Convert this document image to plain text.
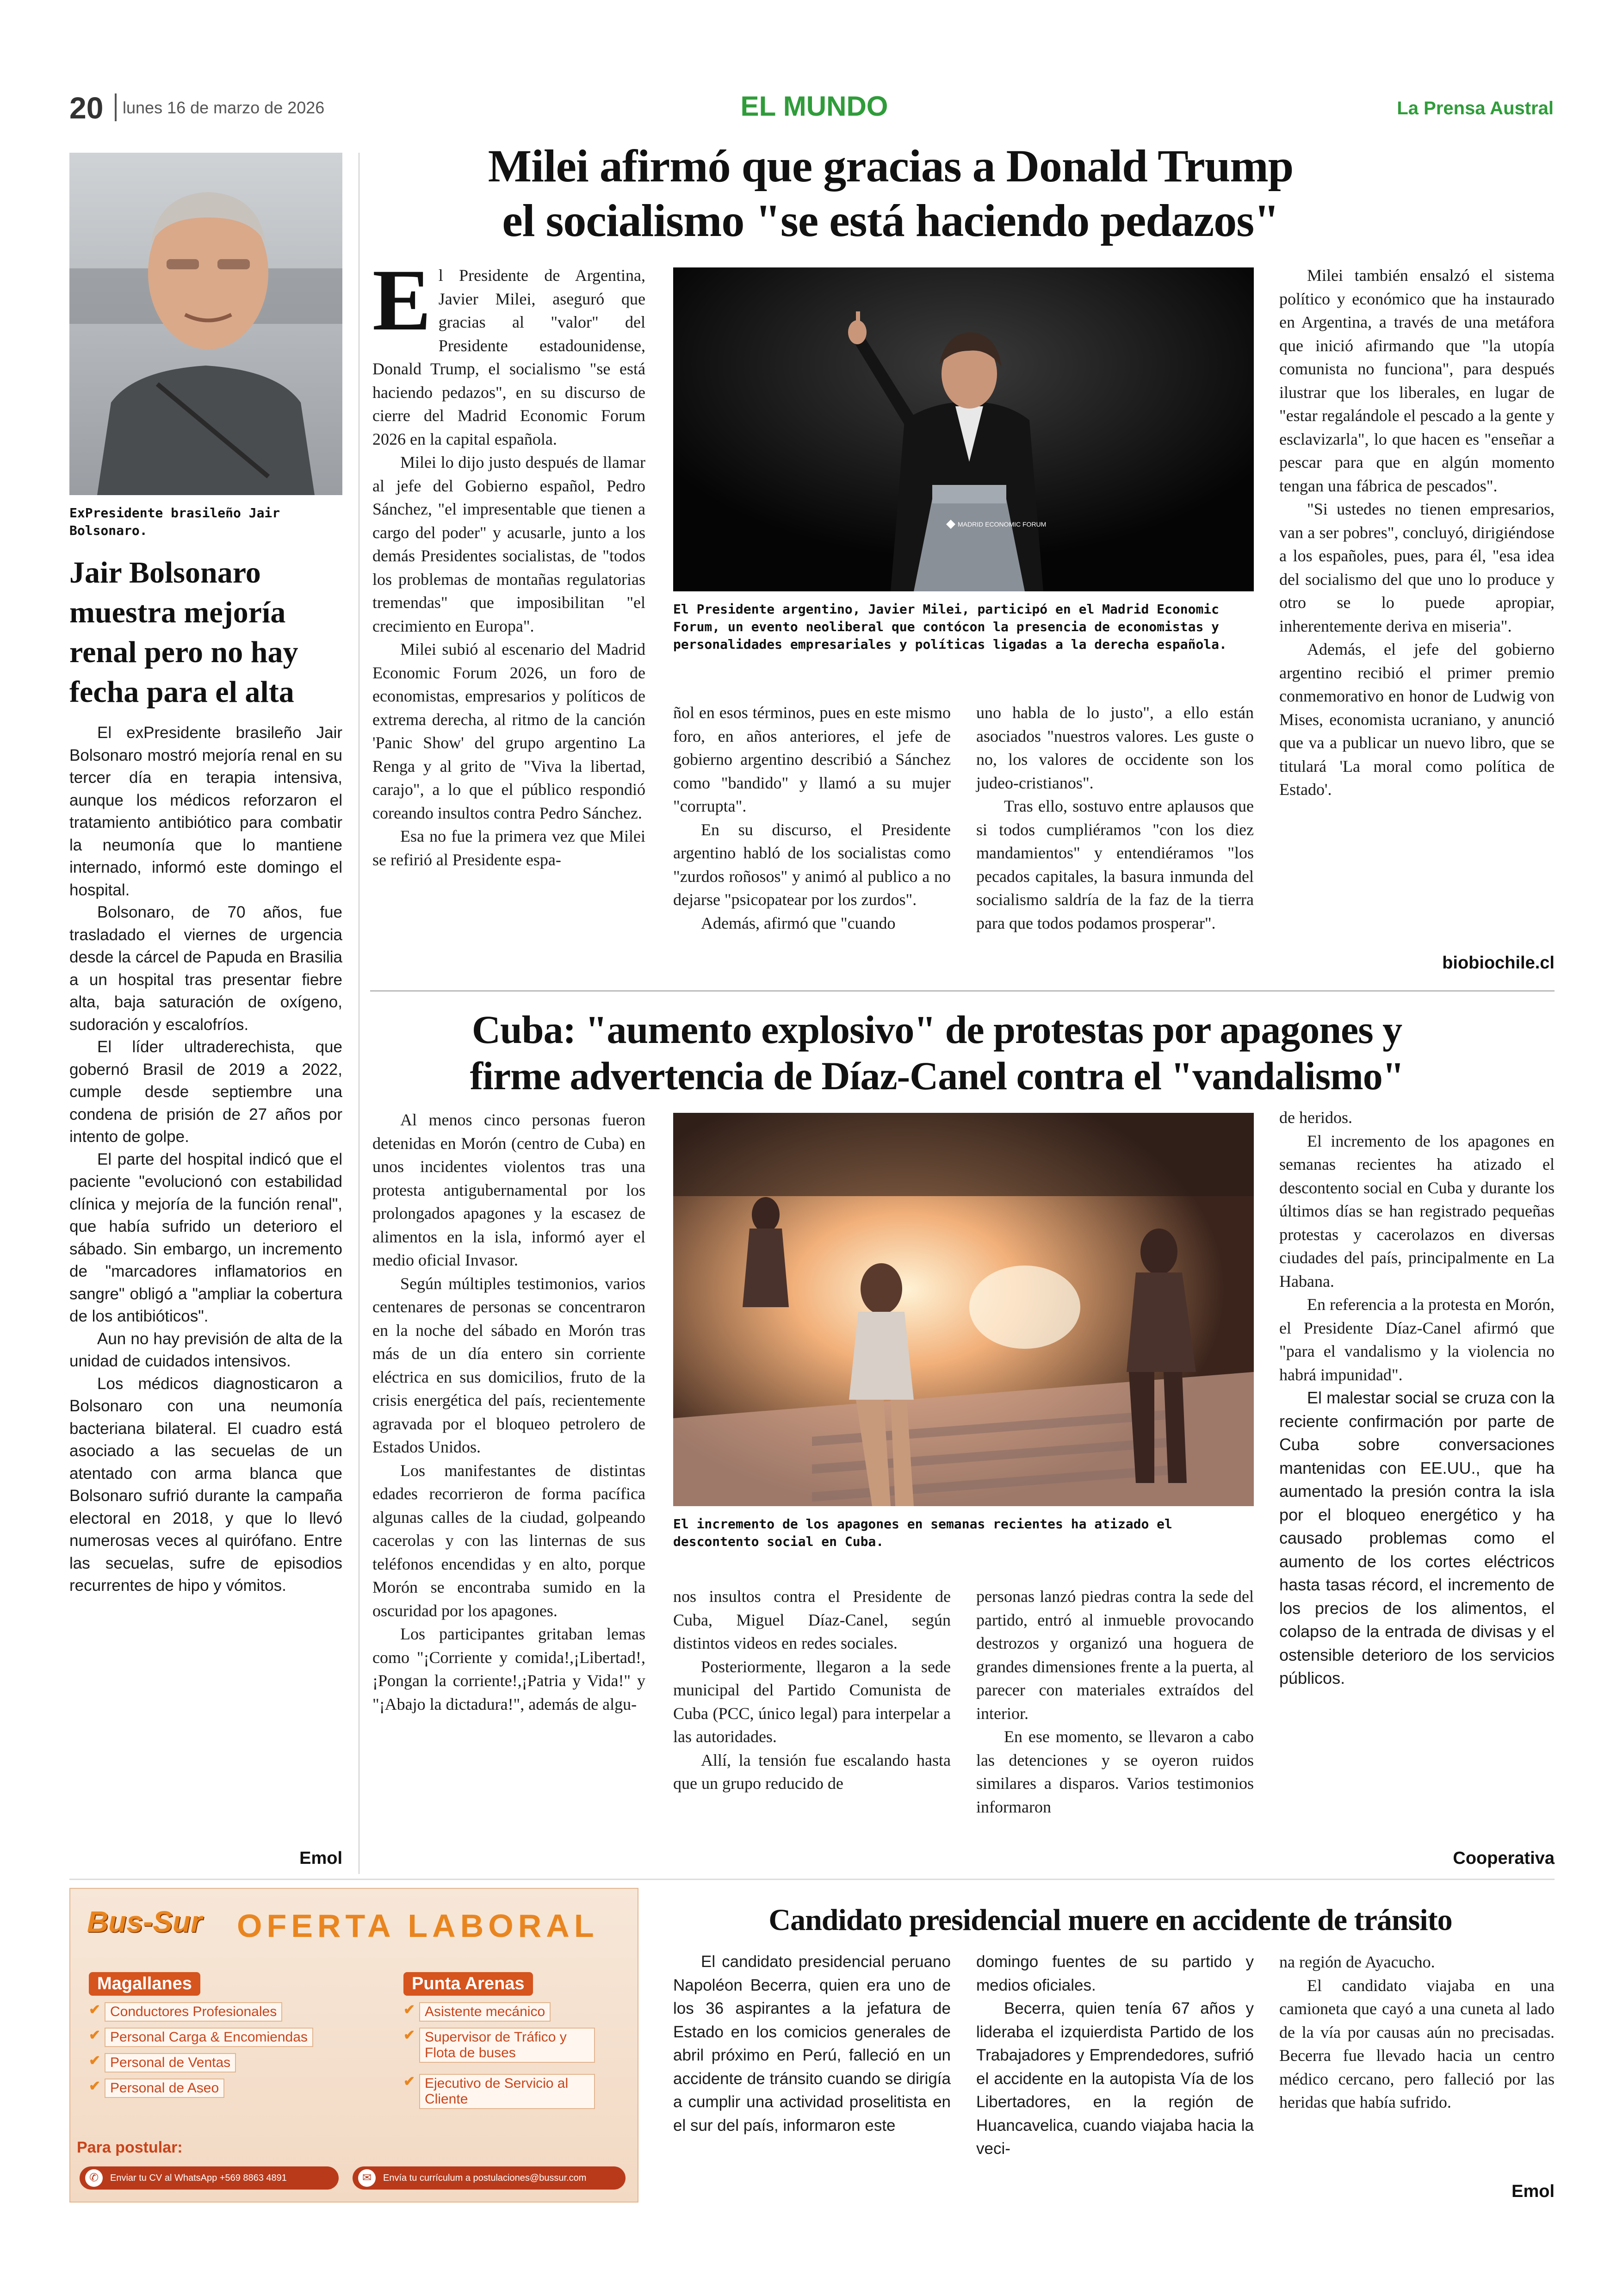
20 lunes 16 de marzo de 2026	EL MUNDO	La Prensa Austral
ExPresidente brasileño Jair Bolsonaro.
Jair Bolsonaro muestra mejoría renal pero no hay fecha para el alta

El exPresidente brasileño Jair Bolsonaro mostró mejoría renal en su tercer día en terapia intensiva, aunque los médicos reforzaron el tratamiento antibiótico para combatir la neumonía que lo mantiene internado, informó este domingo el hospital.

Bolsonaro, de 70 años, fue trasladado el viernes de urgencia desde la cárcel de Papuda en Brasilia a un hospital tras presentar fiebre alta, baja saturación de oxígeno, sudoración y escalofríos.

El líder ultraderechista, que gobernó Brasil de 2019 a 2022, cumple desde septiembre una condena de prisión de 27 años por intento de golpe.

El parte del hospital indicó que el paciente "evolucionó con estabilidad clínica y mejoría de la función renal", que había sufrido un deterioro el sábado. Sin embargo, un incremento de "marcadores inflamatorios en sangre" obligó a "ampliar la cobertura de los antibióticos".

Aun no hay previsión de alta de la unidad de cuidados intensivos.

Los médicos diagnosticaron a Bolsonaro con una neumonía bacteriana bilateral. El cuadro está asociado a las secuelas de un atentado con arma blanca que Bolsonaro sufrió durante la campaña electoral en 2018, y que lo llevó numerosas veces al quirófano. Entre las secuelas, sufre de episodios recurrentes de hipo y vómitos.

Emol
Milei afirmó que gracias a Donald Trump
el socialismo "se está haciendo pedazos"
E l Presidente de Argentina, Javier Milei, aseguró que gracias al "valor" del Presidente estadounidense, Donald Trump, el socialismo "se está haciendo pedazos", en su discurso de cierre del Madrid Economic Forum 2026 en la capital española.

Milei lo dijo justo después de llamar al jefe del Gobierno español, Pedro Sánchez, "el impresentable que tienen a cargo del poder" y acusarle, junto a los demás Presidentes socialistas, de "todos los problemas de montañas regulatorias tremendas" que imposibilitan "el crecimiento en Europa".

Milei subió al escenario del Madrid Economic Forum 2026, un foro de economistas, empresarios y políticos de extrema derecha, al ritmo de la canción 'Panic Show' del grupo argentino La Renga y al grito de "Viva la libertad, carajo", a lo que el público respondió coreando insultos contra Pedro Sánchez.

Esa no fue la primera vez que Milei se refirió al Presidente espa-

MADRID ECONOMIC FORUM
El Presidente argentino, Javier Milei, participó en el Madrid Economic Forum, un evento neoliberal que contócon la presencia de economistas y personalidades empresariales y políticas ligadas a la derecha española.

ñol en esos términos, pues en este mismo foro, en años anteriores, el jefe de gobierno argentino describió a Sánchez como "bandido" y llamó a su mujer "corrupta".

En su discurso, el Presidente argentino habló de los socialistas como "zurdos roñosos" y animó al publico a no dejarse "psicopatear por los zurdos".

Además, afirmó que "cuando

uno habla de lo justo", a ello están asociados "nuestros valores. Les guste o no, los valores de occidente son los judeo-cristianos".

Tras ello, sostuvo entre aplausos que si todos cumpliéramos "con los diez mandamientos" y entendiéramos "los pecados capitales, la basura inmunda del socialismo saldría de la faz de la tierra para que todos podamos prosperar".

Milei también ensalzó el sistema político y económico que ha instaurado en Argentina, a través de una metáfora que inició afirmando que "la utopía comunista no funciona", para después ilustrar que los liberales, en lugar de "estar regalándole el pescado a la gente y esclavizarla", lo que hacen es "enseñar a pescar para que en algún momento tengan una fábrica de pescados".

"Si ustedes no tienen empresarios, van a ser pobres", concluyó, dirigiéndose a los españoles, pues, para él, "esa idea del socialismo del que uno lo produce y otro se lo puede apropiar, inherentemente deriva en miseria".

Además, el jefe del gobierno argentino recibió el primer premio conmemorativo en honor de Ludwig von Mises, economista ucraniano, y anunció que va a publicar un nuevo libro, que se titulará 'La moral como política de Estado'.

biobiochile.cl
Cuba: "aumento explosivo" de protestas por apagones y
firme advertencia de Díaz-Canel contra el "vandalismo"

Al menos cinco personas fueron detenidas en Morón (centro de Cuba) en unos incidentes violentos tras una protesta antigubernamental por los prolongados apagones y la escasez de alimentos en la isla, informó ayer el medio oficial Invasor.

Según múltiples testimonios, varios centenares de personas se concentraron en la noche del sábado en Morón tras más de un día entero sin corriente eléctrica en sus domicilios, fruto de la crisis energética del país, recientemente agravada por el bloqueo petrolero de Estados Unidos.

Los manifestantes de distintas edades recorrieron de forma pacífica algunas calles de la ciudad, golpeando cacerolas y con las linternas de sus teléfonos encendidas y en alto, porque Morón se encontraba sumido en la oscuridad por los apagones.

Los participantes gritaban lemas como "¡Corriente y comida!,¡Libertad!,¡Pongan la corriente!,¡Patria y Vida!" y "¡Abajo la dictadura!", además de algu-

El incremento de los apagones en semanas recientes ha atizado el descontento social en Cuba.

nos insultos contra el Presidente de Cuba, Miguel Díaz-Canel, según distintos videos en redes sociales.

Posteriormente, llegaron a la sede municipal del Partido Comunista de Cuba (PCC, único legal) para interpelar a las autoridades.

Allí, la tensión fue escalando hasta que un grupo reducido de

personas lanzó piedras contra la sede del partido, entró al inmueble provocando destrozos y organizó una hoguera de grandes dimensiones frente a la puerta, al parecer con materiales extraídos del interior.

En ese momento, se llevaron a cabo las detenciones y se oyeron ruidos similares a disparos. Varios testimonios informaron

de heridos.

El incremento de los apagones en semanas recientes ha atizado el descontento social en Cuba y durante los últimos días se han registrado pequeñas protestas y cacerolazos en diversas ciudades del país, principalmente en La Habana.

En referencia a la protesta en Morón, el Presidente Díaz-Canel afirmó que "para el vandalismo y la violencia no habrá impunidad".

El malestar social se cruza con la reciente confirmación por parte de Cuba sobre conversaciones mantenidas con EE.UU., que ha aumentado la presión contra la isla por el bloqueo energético y ha causado problemas como el aumento de los cortes eléctricos hasta tasas récord, el incremento de los precios de los alimentos, el colapso de la entrada de divisas y el ostensible deterioro de los servicios públicos.

Cooperativa
Bus-Sur OFERTA LABORAL
Magallanes
✔ Conductores Profesionales
✔ Personal Carga & Encomiendas
✔ Personal de Ventas
✔ Personal de Aseo
Punta Arenas
✔ Asistente mecánico
✔ Supervisor de Tráfico y Flota de buses
✔ Ejecutivo de Servicio al Cliente
Para postular:
✆	Enviar tu CV al WhatsApp +569 8863 4891	✉	Envía tu currículum a postulaciones@bussur.com
Candidato presidencial muere en accidente de tránsito

El candidato presidencial peruano Napoléon Becerra, quien era uno de los 36 aspirantes a la jefatura de Estado en los comicios generales de abril próximo en Perú, falleció en un accidente de tránsito cuando se dirigía a cumplir una actividad proselitista en el sur del país, informaron este

domingo fuentes de su partido y medios oficiales.

Becerra, quien tenía 67 años y lideraba el izquierdista Partido de los Trabajadores y Emprendedores, sufrió el accidente en la autopista Vía de los Libertadores, en la región de Huancavelica, cuando viajaba hacia la veci-

na región de Ayacucho.

El candidato viajaba en una camioneta que cayó a una cuneta al lado de la vía por causas aún no precisadas. Becerra fue llevado hacia un centro médico cercano, pero falleció por las heridas que había sufrido.

Emol
